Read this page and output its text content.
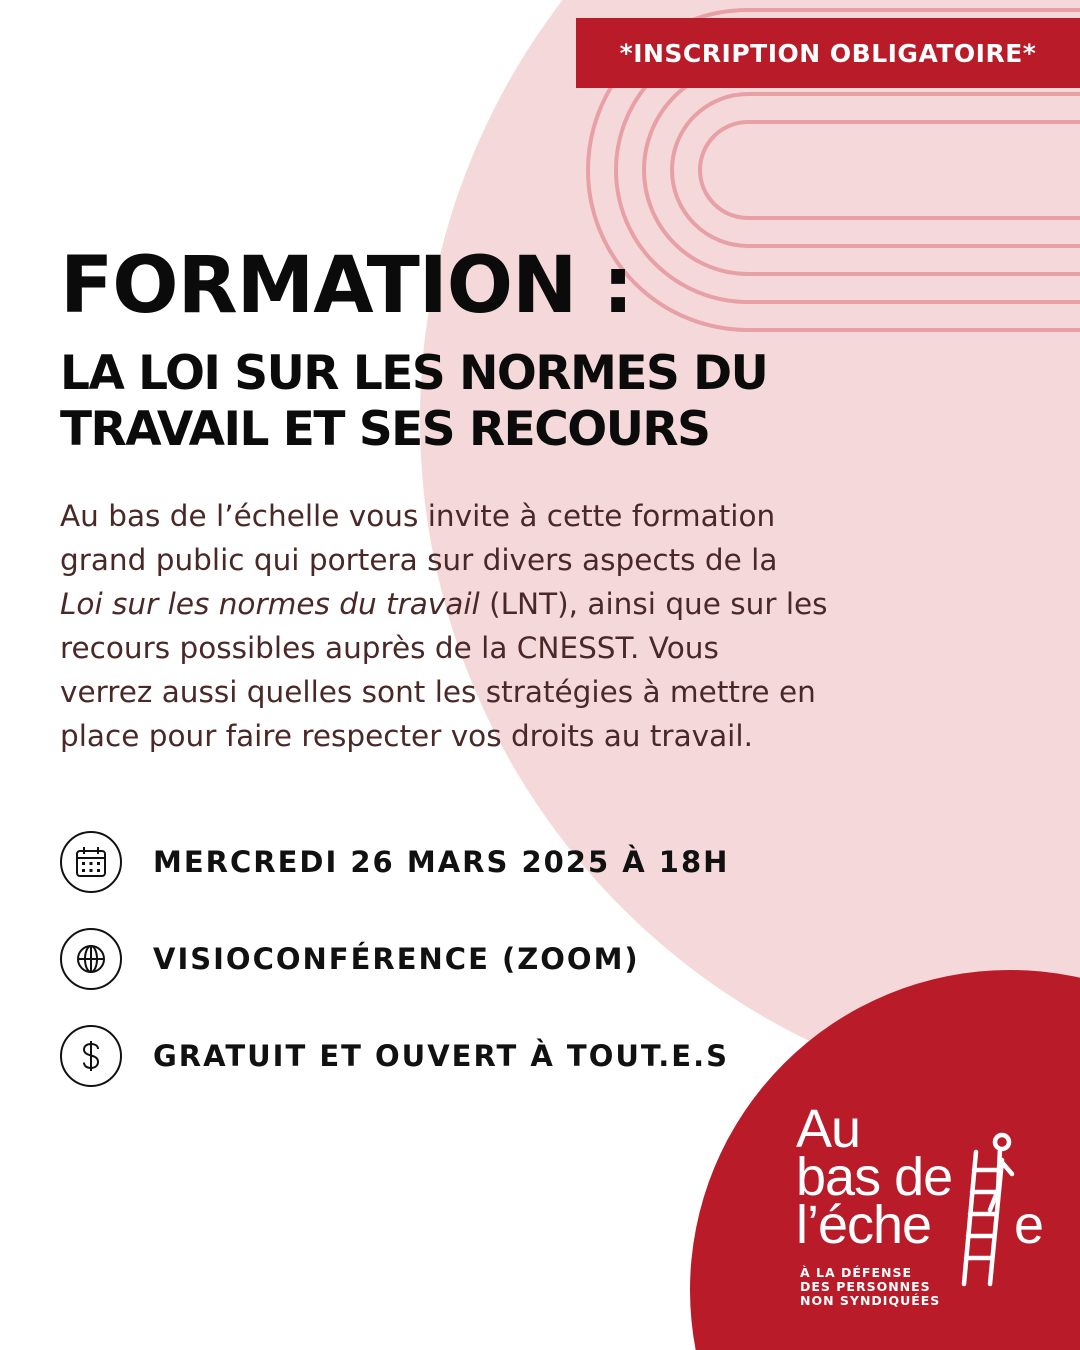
*INSCRIPTION OBLIGATOIRE*
FORMATION :
LA LOI SUR LES NORMES DU
TRAVAIL ET SES RECOURS
Au bas de l’échelle vous invite à cette formation
grand public qui portera sur divers aspects de la
Loi sur les normes du travail (LNT), ainsi que sur les
recours possibles auprès de la CNESST. Vous
verrez aussi quelles sont les stratégies à mettre en
place pour faire respecter vos droits au travail.
MERCREDI 26 MARS 2025 À 18H
VISIOCONFÉRENCE (ZOOM)
GRATUIT ET OUVERT À TOUT.E.S
Au
bas de
l’éche e
À LA DÉFENSE
DES PERSONNES
NON SYNDIQUÉES
